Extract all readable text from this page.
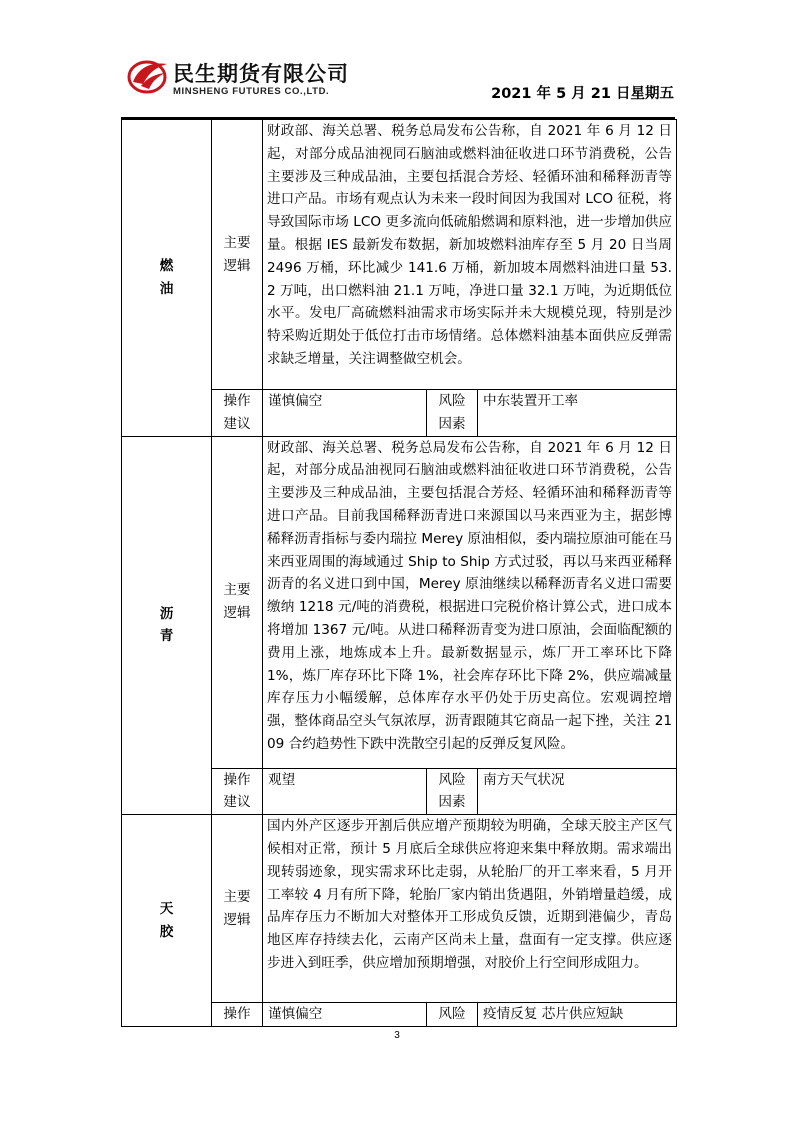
民生期货有限公司
MINSHENG FUTURES CO.,LTD.	2021 年 5 月 21 日星期五
燃油	主要逻辑	财政部、海关总署、税务总局发布公告称，自 2021 年 6 月 12 日起，对部分成品油视同石脑油或燃料油征收进口环节消费税，公告主要涉及三种成品油，主要包括混合芳烃、轻循环油和稀释沥青等进口产品。市场有观点认为未来一段时间因为我国对 LCO 征税，将导致国际市场 LCO 更多流向低硫船燃调和原料池，进一步增加供应量。根据 IES 最新发布数据，新加坡燃料油库存至 5 月 20 日当周 2496 万桶，环比减少 141.6 万桶，新加坡本周燃料油进口量 53.2 万吨，出口燃料油 21.1 万吨，净进口量 32.1 万吨，为近期低位水平。发电厂高硫燃料油需求市场实际并未大规模兑现，特别是沙特采购近期处于低位打击市场情绪。总体燃料油基本面供应反弹需求缺乏增量，关注调整做空机会。		
	操作建议	谨慎偏空	风险因素	中东装置开工率
沥青	主要逻辑	财政部、海关总署、税务总局发布公告称，自 2021 年 6 月 12 日起，对部分成品油视同石脑油或燃料油征收进口环节消费税，公告主要涉及三种成品油，主要包括混合芳烃、轻循环油和稀释沥青等进口产品。目前我国稀释沥青进口来源国以马来西亚为主，据彭博稀释沥青指标与委内瑞拉 Merey 原油相似，委内瑞拉原油可能在马来西亚周围的海域通过 Ship to Ship 方式过驳，再以马来西亚稀释沥青的名义进口到中国，Merey 原油继续以稀释沥青名义进口需要缴纳 1218 元/吨的消费税，根据进口完税价格计算公式，进口成本将增加 1367 元/吨。从进口稀释沥青变为进口原油，会面临配额的费用上涨，地炼成本上升。最新数据显示，炼厂开工率环比下降 1%，炼厂库存环比下降 1%，社会库存环比下降 2%，供应端减量库存压力小幅缓解，总体库存水平仍处于历史高位。宏观调控增强，整体商品空头气氛浓厚，沥青跟随其它商品一起下挫，关注 2109 合约趋势性下跌中洗散空引起的反弹反复风险。		
	操作建议	观望	风险因素	南方天气状况
天胶	主要逻辑	国内外产区逐步开割后供应增产预期较为明确，全球天胶主产区气候相对正常，预计 5 月底后全球供应将迎来集中释放期。需求端出现转弱迹象，现实需求环比走弱，从轮胎厂的开工率来看，5 月开工率较 4 月有所下降，轮胎厂家内销出货遇阻，外销增量趋缓，成品库存压力不断加大对整体开工形成负反馈，近期到港偏少，青岛地区库存持续去化，云南产区尚未上量，盘面有一定支撑。供应逐步进入到旺季，供应增加预期增强，对胶价上行空间形成阻力。		
	操作	谨慎偏空	风险	疫情反复 芯片供应短缺
3
